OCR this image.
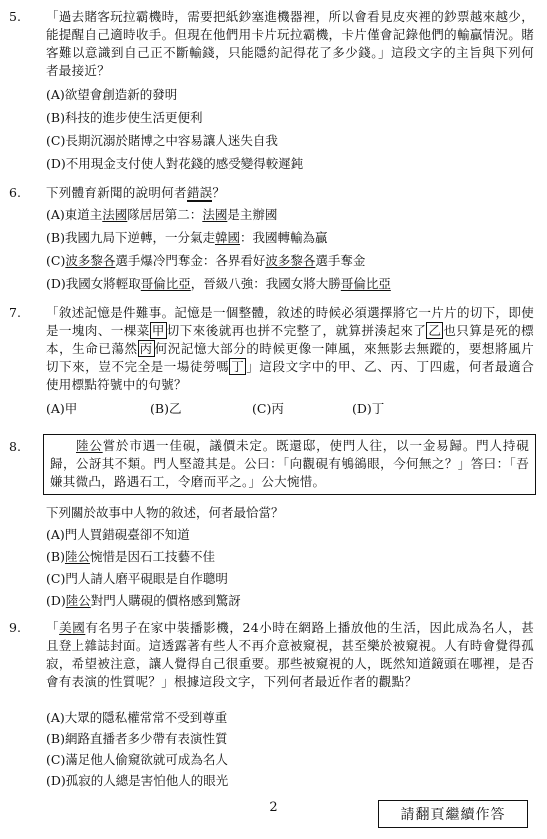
5. 「過去賭客玩拉霸機時，需要把紙鈔塞進機器裡，所以會看見皮夾裡的鈔票越來越少，能提醒自己適時收手。但現在他們用卡片玩拉霸機，卡片僅會記錄他們的輸贏情況。賭客難以意識到自己正不斷輸錢，只能隱約記得花了多少錢。」這段文字的主旨與下列何者最接近？
(A)欲望會創造新的發明
(B)科技的進步使生活更便利
(C)長期沉溺於賭博之中容易讓人迷失自我
(D)不用現金支付使人對花錢的感受變得較遲鈍
6. 下列體育新聞的說明何者錯誤？
(A)東道主法國隊居居第二：法國是主辦國
(B)我國九局下逆轉，一分氣走韓國：我國轉輸為贏
(C)波多黎各選手爆冷門奪金：各界看好波多黎各選手奪金
(D)我國女將輕取哥倫比亞，晉級八強：我國女將大勝哥倫比亞
7. 「敘述記憶是件難事。記憶是一個整體，敘述的時候必須選擇將它一片片的切下，即使是一塊肉、一棵菜 甲 切下來後就再也拼不完整了，就算拼湊起來了 乙 也只算是死的標本，生命已蕩然 丙 何況記憶大部分的時候更像一陣風，來無影去無蹤的，要想將風片切下來，豈不完全是一場徒勞嗎 丁 」這段文字中的甲、乙、丙、丁四處，何者最適合使用標點符號中的句號？
(A)甲	(B)乙	(C)丙	(D)丁
8.	陸公嘗於市遇一佳硯，議價未定。既還邸，使門人往，以一金易歸。門人持硯歸，公訝其不類。門人堅證其是。公曰：「向觀硯有鴝鵒眼，今何無之？」答曰：「吾嫌其微凸，路遇石工，令磨而平之。」公大惋惜。
下列關於故事中人物的敘述，何者最恰當？
(A)門人買錯硯臺卻不知道
(B)陸公惋惜是因石工技藝不佳
(C)門人請人磨平硯眼是自作聰明
(D)陸公對門人購硯的價格感到驚訝
9. 「美國有名男子在家中裝播影機，24小時在網路上播放他的生活，因此成為名人，甚且登上雜誌封面。這透露著有些人不再介意被窺視，甚至樂於被窺視。人有時會覺得孤寂，希望被注意，讓人覺得自己很重要。那些被窺視的人，既然知道鏡頭在哪裡，是否會有表演的性質呢？」根據這段文字，下列何者最近作者的觀點？
(A)大眾的隱私權常常不受到尊重
(B)網路直播者多少帶有表演性質
(C)滿足他人偷窺欲就可成為名人
(D)孤寂的人總是害怕他人的眼光
2	請翻頁繼續作答
